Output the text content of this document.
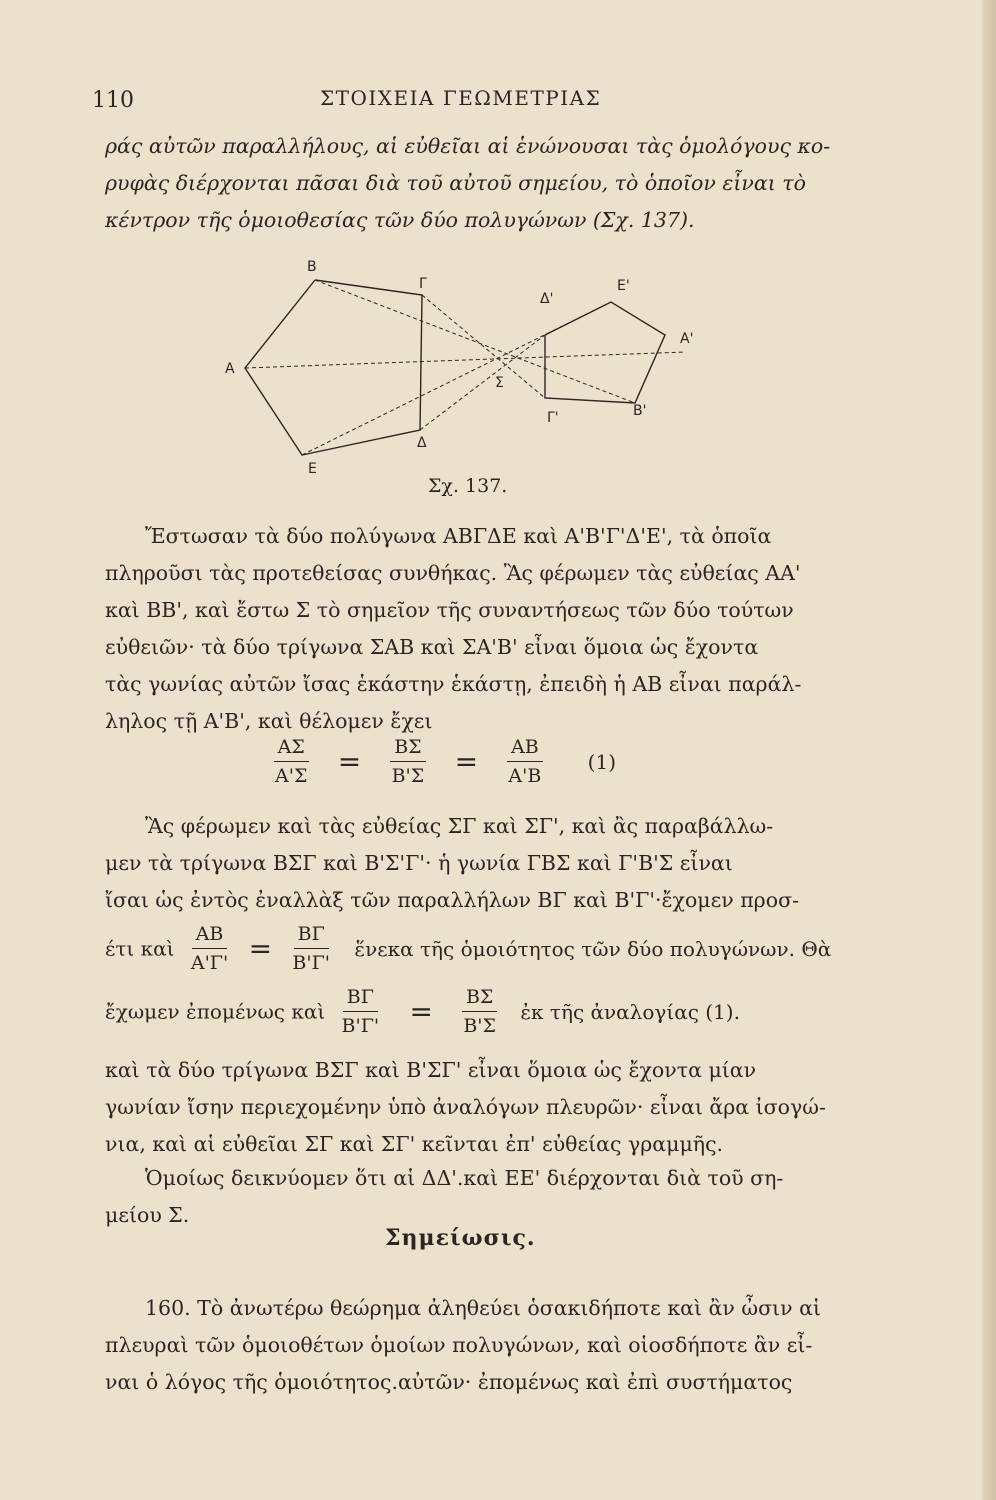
110	ΣΤΟΙΧΕΙΑ ΓΕΩΜΕΤΡΙΑΣ
ράς αὐτῶν παραλλήλους, αἱ εὐθεῖαι αἱ ἑνώνουσαι τὰς ὁμολόγους κο-
ρυφὰς διέρχονται πᾶσαι διὰ τοῦ αὐτοῦ σημείου, τὸ ὁποῖον εἶναι τὸ
κέντρον τῆς ὁμοιοθεσίας τῶν δύο πολυγώνων (Σχ. 137).
Β
Γ
Α
Δ
Ε
Σ
Δ'
Ε'
Α'
Γ'	Β'
Σχ. 137.
Ἔστωσαν τὰ δύο πολύγωνα ΑΒΓΔΕ καὶ Α'Β'Γ'Δ'Ε', τὰ ὁποῖα
πληροῦσι τὰς προτεθείσας συνθήκας. Ἂς φέρωμεν τὰς εὐθείας ΑΑ'
καὶ ΒΒ', καὶ ἔστω Σ τὸ σημεῖον τῆς συναντήσεως τῶν δύο τούτων
εὐθειῶν· τὰ δύο τρίγωνα ΣΑΒ καὶ ΣΑ'Β' εἶναι ὅμοια ὡς ἔχοντα
τὰς γωνίας αὐτῶν ἴσας ἑκάστην ἑκάστῃ, ἐπειδὴ ἡ ΑΒ εἶναι παράλ-
ληλος τῇ Α'Β', καὶ θέλομεν ἔχει
$\frac{A\Sigma}{A'\Sigma} = \frac{B\Sigma}{B'\Sigma} = \frac{AB}{A'B} (1)$
Ἂς φέρωμεν καὶ τὰς εὐθείας ΣΓ καὶ ΣΓ', καὶ ἂς παραβάλλω-
μεν τὰ τρίγωνα ΒΣΓ καὶ Β'Σ'Γ'· ἡ γωνία ΓΒΣ καὶ Γ'Β'Σ εἶναι
ἴσαι ὡς ἐντὸς ἐναλλὰξ τῶν παραλλήλων ΒΓ καὶ Β'Γ'·ἔχομεν προσ-
έτι καὶ $\frac{AB}{A'\Gamma'} = \frac{B\Gamma}{B'\Gamma'}$ ἕνεκα τῆς ὁμοιότητος τῶν δύο πολυγώνων. Θὰ
ἔχωμεν ἐπομένως καὶ $\frac{B\Gamma}{B'\Gamma'} = \frac{B\Sigma}{B'\Sigma}$ ἐκ τῆς ἀναλογίας (1).
καὶ τὰ δύο τρίγωνα ΒΣΓ καὶ Β'ΣΓ' εἶναι ὅμοια ὡς ἔχοντα μίαν
γωνίαν ἴσην περιεχομένην ὑπὸ ἀναλόγων πλευρῶν· εἶναι ἄρα ἰσογώ-
νια, καὶ αἱ εὐθεῖαι ΣΓ καὶ ΣΓ' κεῖνται ἐπ' εὐθείας γραμμῆς.
Ὁμοίως δεικνύομεν ὅτι αἱ ΔΔ'.καὶ ΕΕ' διέρχονται διὰ τοῦ ση-
μείου Σ.
Σημείωσις.
160. Τὸ ἀνωτέρω θεώρημα ἀληθεύει ὁσακιδήποτε καὶ ἂν ὦσιν αἱ
πλευραὶ τῶν ὁμοιοθέτων ὁμοίων πολυγώνων, καὶ οἱοσδήποτε ἂν εἶ-
ναι ὁ λόγος τῆς ὁμοιότητος.αὐτῶν· ἐπομένως καὶ ἐπὶ συστήματος
